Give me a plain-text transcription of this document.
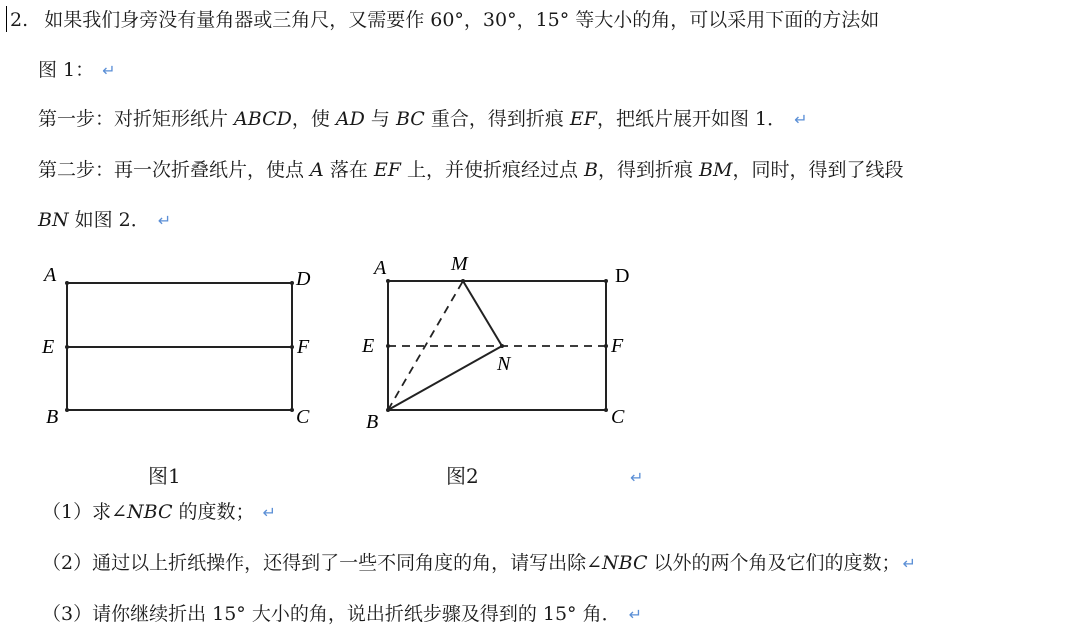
2. 如果我们身旁没有量角器或三角尺，又需要作 60°，30°，15° 等大小的角，可以采用下面的方法如
图 1： ↵
第一步：对折矩形纸片 ABCD，使 AD 与 BC 重合，得到折痕 EF，把纸片展开如图 1． ↵
第二步：再一次折叠纸片，使点 A 落在 EF 上，并使折痕经过点 B，得到折痕 BM，同时，得到了线段
BN 如图 2． ↵
A	D
E	F
B	C
A	M
D
E	F
N
B	C
图1	图2	↵
（1）求∠NBC 的度数； ↵
（2）通过以上折纸操作，还得到了一些不同角度的角，请写出除∠NBC 以外的两个角及它们的度数； ↵
（3）请你继续折出 15° 大小的角，说出折纸步骤及得到的 15° 角． ↵
